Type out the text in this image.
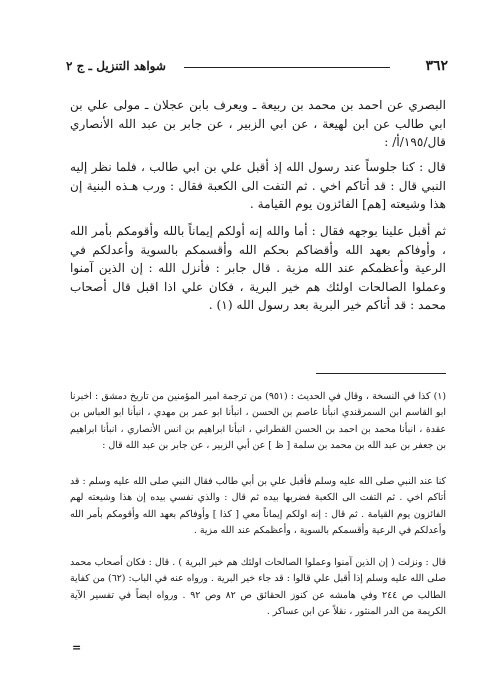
٣٦٢
شواهد التنزيل ـ ج ٢

البصري عن احمد بن محمد بن ربيعة ـ ويعرف بابن عجلان ـ مولى علي بن ابي طالب عن ابن لهيعة ، عن ابي الزبير ، عن جابر بن عبد الله الأنصاري قال/١٩٥/أ/ :

قال : كنا جلوساً عند رسول الله إذ أقبل علي بن ابي طالب ، فلما نظر إليه النبي قال : قد أتاكم اخي . ثم التفت الى الكعبة فقال : ورب هـذه البنية إن هذا وشيعته [هم] الفائزون يوم القيامة .

ثم أقبل علينا بوجهه فقال : أما والله إنه أولكم إيماناً بالله وأقومكم بأمر الله ، وأوفاكم بعهد الله وأقضاكم بحكم الله وأقسمكم بالسوية وأعدلكم في الرعية وأعظمكم عند الله مزية . قال جابر : فأنزل الله : إن الذين آمنوا وعملوا الصالحات اولئك هم خير البرية ، فكان علي اذا اقبل قال أصحاب محمد : قد أتاكم خير البرية بعد رسول الله (١) .

(١) كذا في النسخة ، وقال في الحديث : (٩٥١) من ترجمة امير المؤمنين من تاريخ دمشق : اخبرنا ابو القاسم ابن السمرقندي انبأنا عاصم بن الحسن ، انبأنا ابو عمر بن مهدي ، انبأنا ابو العباس بن عقدة ، انبأنا محمد بن احمد بن الحسن القطراني ، انبأنا ابراهيم بن انس الأنصاري ، انبأنا ابراهيم بن جعفر بن عبد الله بن محمد بن سلمة [ ظ ] عن أبي الزبير ، عن جابر بن عبد الله قال :

كنا عند النبي صلى الله عليه وسلم فأقبل علي بن أبي طالب فقال النبي صلى الله عليه وسلم : قد أتاكم اخي . ثم التفت الى الكعبة فضربها بيده ثم قال : والذي نفسي بيده إن هذا وشيعته لهم الفائزون يوم القيامة . ثم قال : إنه اولكم إيماناً معي [ كذا ] وأوفاكم بعهد الله وأقومكم بأمر الله وأعدلكم في الرعية وأقسمكم بالسوية ، وأعظمكم عند الله مزية .

قال : ونزلت ( إن الذين آمنوا وعملوا الصالحات اولئك هم خير البرية ) . قال : فكان أصحاب محمد صلى الله عليه وسلم إذا أقبل علي قالوا : قد جاء خير البرية . ورواه عنه في الباب: (٦٢) من كفاية الطالب ص ٢٤٤ وفي هامشه عن كنوز الحقائق ص ٨٢ وص ٩٢ . ورواه ايضاً في تفسير الآية الكريمة من الدر المنثور ، نقلاً عن ابن عساكر .

=
